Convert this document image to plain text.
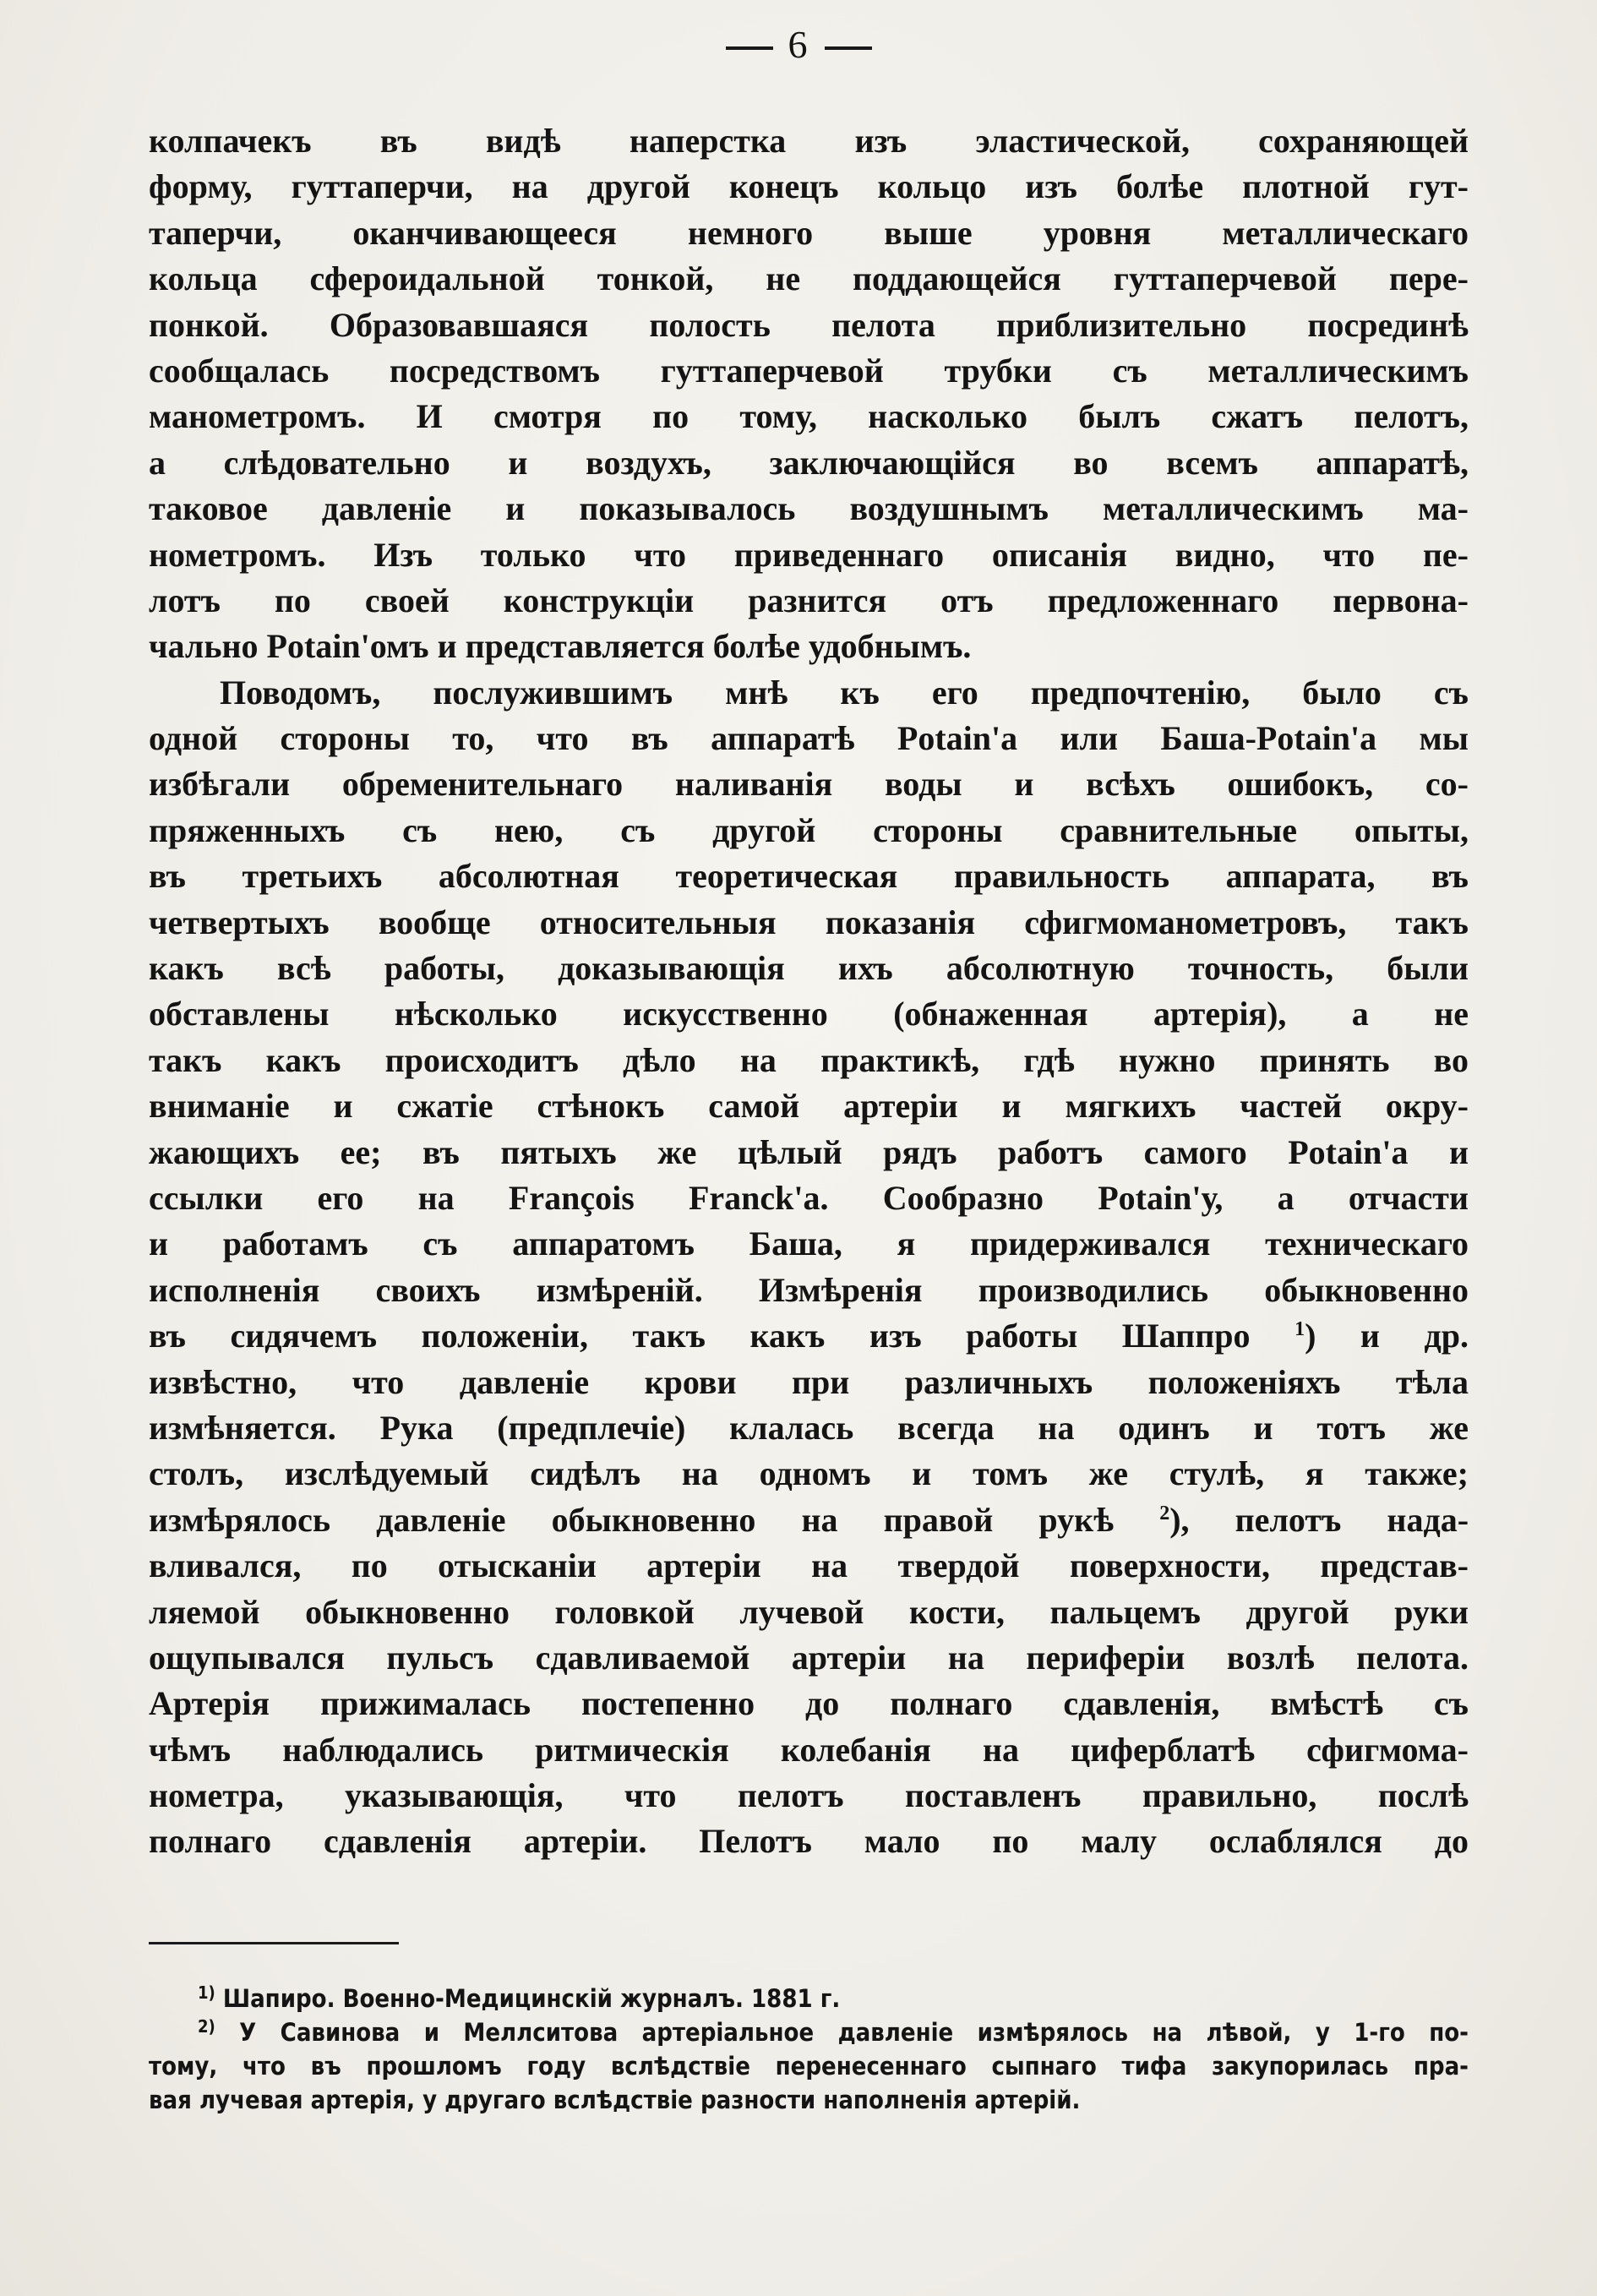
6
колпачекъ въ видѣ наперстка изъ эластической, сохраняющей
форму, гуттаперчи, на другой конецъ кольцо изъ болѣе плотной гут-
таперчи, оканчивающееся немного выше уровня металлическаго
кольца сфероидальной тонкой, не поддающейся гуттаперчевой пере-
понкой. Образовавшаяся полость пелота приблизительно посрединѣ
сообщалась посредствомъ гуттаперчевой трубки съ металлическимъ
манометромъ. И смотря по тому, насколько былъ сжатъ пелотъ,
а слѣдовательно и воздухъ, заключающійся во всемъ аппаратѣ,
таковое давленіе и показывалось воздушнымъ металлическимъ ма-
нометромъ. Изъ только что приведеннаго описанія видно, что пе-
лотъ по своей конструкціи разнится отъ предложеннаго первона-
чально Potain'омъ и представляется болѣе удобнымъ.
Поводомъ, послужившимъ мнѣ къ его предпочтенію, было съ
одной стороны то, что въ аппаратѣ Potain'а или Баша-Potain'а мы
избѣгали обременительнаго наливанія воды и всѣхъ ошибокъ, со-
пряженныхъ съ нею, съ другой стороны сравнительные опыты,
въ третьихъ абсолютная теоретическая правильность аппарата, въ
четвертыхъ вообще относительныя показанія сфигмоманометровъ, такъ
какъ всѣ работы, доказывающія ихъ абсолютную точность, были
обставлены нѣсколько искусственно (обнаженная артерія), а не
такъ какъ происходитъ дѣло на практикѣ, гдѣ нужно принять во
вниманіе и сжатіе стѣнокъ самой артеріи и мягкихъ частей окру-
жающихъ ее; въ пятыхъ же цѣлый рядъ работъ самого Potain'а и
ссылки его на François Franck'а. Сообразно Potain'у, а отчасти
и работамъ съ аппаратомъ Баша, я придерживался техническаго
исполненія своихъ измѣреній. Измѣренія производились обыкновенно
въ сидячемъ положеніи, такъ какъ изъ работы Шаппро $^1$) и др.
извѣстно, что давленіе крови при различныхъ положеніяхъ тѣла
измѣняется. Рука (предплечіе) клалась всегда на одинъ и тотъ же
столъ, изслѣдуемый сидѣлъ на одномъ и томъ же стулѣ, я также;
измѣрялось давленіе обыкновенно на правой рукѣ $^2$), пелотъ нада-
вливался, по отысканіи артеріи на твердой поверхности, представ-
ляемой обыкновенно головкой лучевой кости, пальцемъ другой руки
ощупывался пульсъ сдавливаемой артеріи на периферіи возлѣ пелота.
Артерія прижималась постепенно до полнаго сдавленія, вмѣстѣ съ
чѣмъ наблюдались ритмическія колебанія на циферблатѣ сфигмома-
нометра, указывающія, что пелотъ поставленъ правильно, послѣ
полнаго сдавленія артеріи. Пелотъ мало по малу ослаблялся до
$^{1)}$ Шапиро. Военно-Медицинскій журналъ. 1881 г.
$^{2)}$ У Савинова и Меллситова артеріальное давленіе измѣрялось на лѣвой, у 1-го по-
тому, что въ прошломъ году вслѣдствіе перенесеннаго сыпнаго тифа закупорилась пра-
вая лучевая артерія, у другаго вслѣдствіе разности наполненія артерій.
